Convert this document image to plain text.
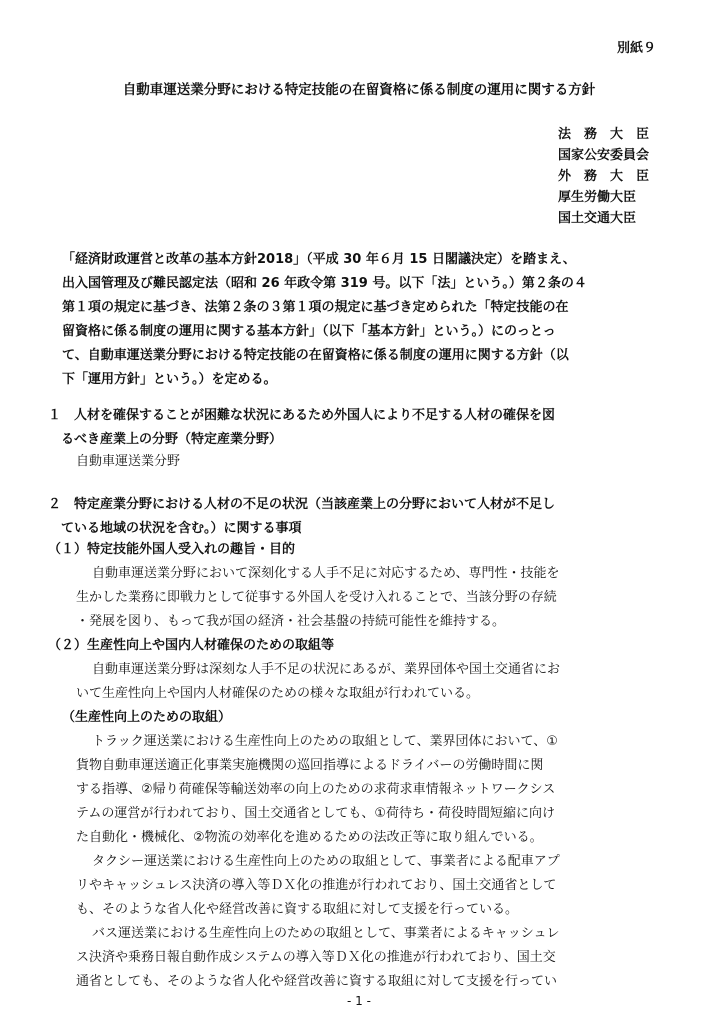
別紙９
自動車運送業分野における特定技能の在留資格に係る制度の運用に関する方針
法　務　大　臣
国家公安委員会
外　務　大　臣
厚生労働大臣
国土交通大臣
「経済財政運営と改革の基本方針2018」（平成 30 年６月 15 日閣議決定）を踏まえ、
出入国管理及び難民認定法（昭和 26 年政令第 319 号。以下「法」という。）第２条の４
第１項の規定に基づき、法第２条の３第１項の規定に基づき定められた「特定技能の在
留資格に係る制度の運用に関する基本方針」（以下「基本方針」という。）にのっとっ
て、自動車運送業分野における特定技能の在留資格に係る制度の運用に関する方針（以
下「運用方針」という。）を定める。
１　人材を確保することが困難な状況にあるため外国人により不足する人材の確保を図
　るべき産業上の分野（特定産業分野）
自動車運送業分野
２　特定産業分野における人材の不足の状況（当該産業上の分野において人材が不足し
　ている地域の状況を含む。）に関する事項
（１）特定技能外国人受入れの趣旨・目的
自動車運送業分野において深刻化する人手不足に対応するため、専門性・技能を
生かした業務に即戦力として従事する外国人を受け入れることで、当該分野の存続
・発展を図り、もって我が国の経済・社会基盤の持続可能性を維持する。
（２）生産性向上や国内人材確保のための取組等
自動車運送業分野は深刻な人手不足の状況にあるが、業界団体や国土交通省にお
いて生産性向上や国内人材確保のための様々な取組が行われている。
（生産性向上のための取組）
トラック運送業における生産性向上のための取組として、業界団体において、①
貨物自動車運送適正化事業実施機関の巡回指導によるドライバーの労働時間に関
する指導、②帰り荷確保等輸送効率の向上のための求荷求車情報ネットワークシス
テムの運営が行われており、国土交通省としても、①荷待ち・荷役時間短縮に向け
た自動化・機械化、②物流の効率化を進めるための法改正等に取り組んでいる。
タクシー運送業における生産性向上のための取組として、事業者による配車アプ
リやキャッシュレス決済の導入等ＤＸ化の推進が行われており、国土交通省として
も、そのような省人化や経営改善に資する取組に対して支援を行っている。
バス運送業における生産性向上のための取組として、事業者によるキャッシュレ
ス決済や乗務日報自動作成システムの導入等ＤＸ化の推進が行われており、国土交
通省としても、そのような省人化や経営改善に資する取組に対して支援を行ってい
- 1 -
